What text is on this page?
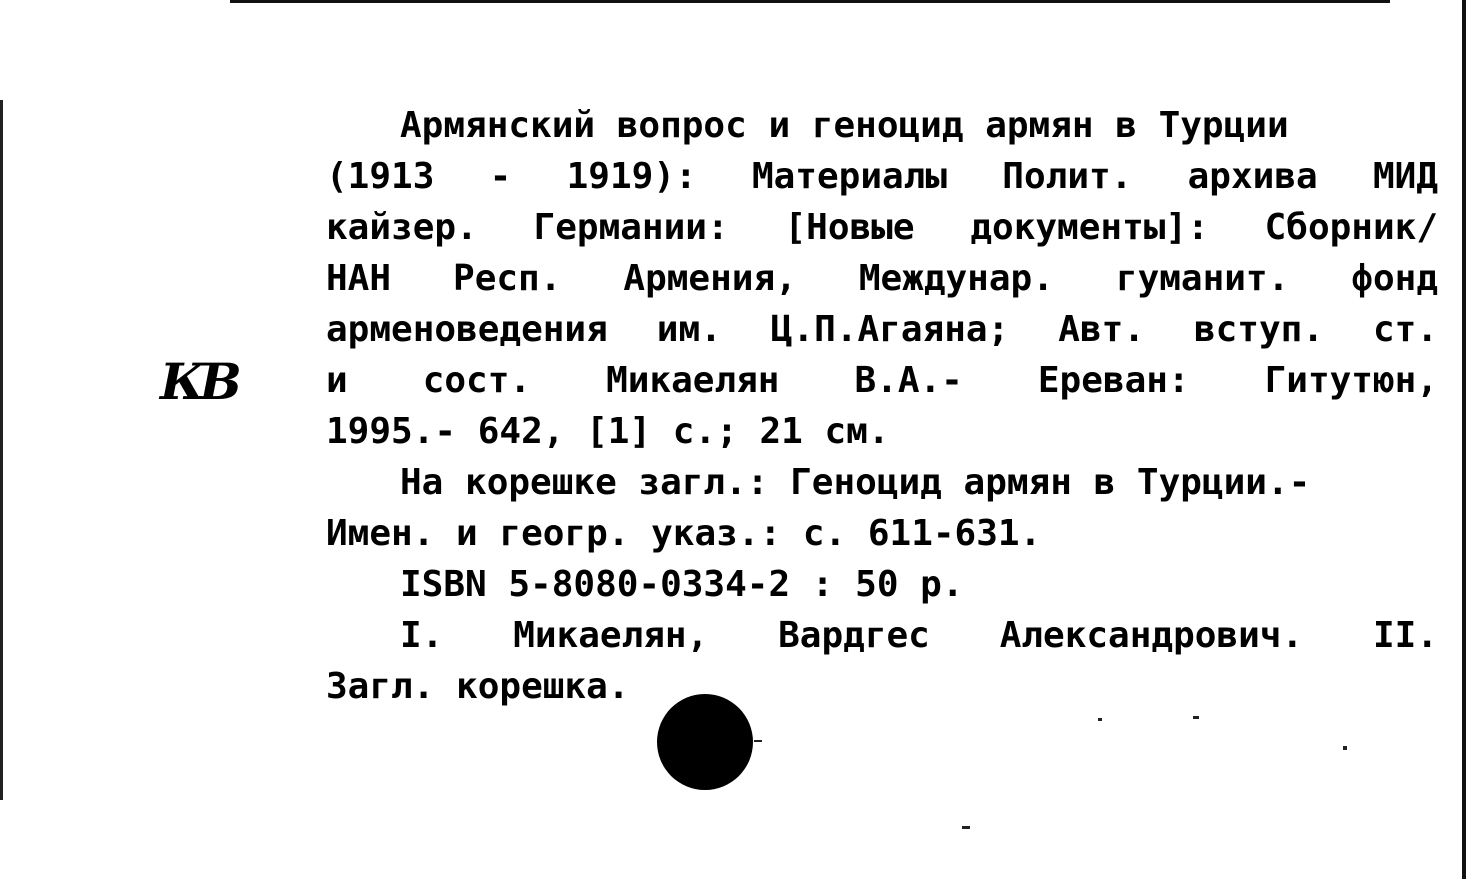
КВ
Армянский вопрос и геноцид армян в Турции
(1913 - 1919): Материалы Полит. архива МИД
кайзер. Германии: [Новые документы]: Сборник/
НАН Респ. Армения, Междунар. гуманит. фонд
арменоведения им. Ц.П.Агаяна; Авт. вступ. ст.
и сост. Микаелян В.А.- Ереван: Гитутюн,
1995.- 642, [1] с.; 21 см.
На корешке загл.: Геноцид армян в Турции.-
Имен. и геогр. указ.: с. 611-631.
ISBN 5-8080-0334-2 : 50 р.
I. Микаелян, Вардгес Александрович. II.
Загл. корешка.
